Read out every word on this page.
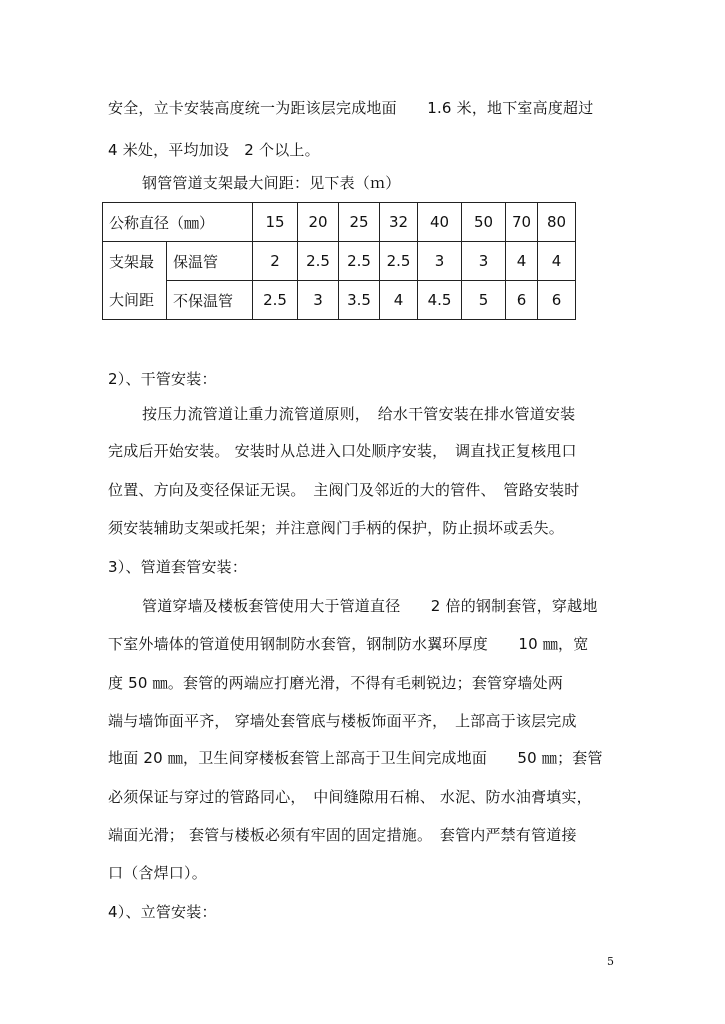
安全，立卡安装高度统一为距该层完成地面　　1.6 米，地下室高度超过
4 米处，平均加设　2 个以上。
钢管管道支架最大间距：见下表（ｍ）
公称直径（㎜）		15	20	25	32	40	50	70	80
支架最	保温管	2	2.5	2.5	2.5	3	3	4	4
大间距	不保温管	2.5	3	3.5	4	4.5	5	6	6
2）、干管安装：
按压力流管道让重力流管道原则，　给水干管安装在排水管道安装
完成后开始安装。 安装时从总进入口处顺序安装，　调直找正复核甩口
位置、方向及变径保证无误。　主阀门及邻近的大的管件、　管路安装时
须安装辅助支架或托架；并注意阀门手柄的保护，防止损坏或丢失。
3）、管道套管安装：
管道穿墙及楼板套管使用大于管道直径　　2 倍的钢制套管，穿越地
下室外墙体的管道使用钢制防水套管，钢制防水翼环厚度　　10 ㎜，宽
度 50 ㎜。套管的两端应打磨光滑，不得有毛刺锐边；套管穿墙处两
端与墙饰面平齐， 穿墙处套管底与楼板饰面平齐，　上部高于该层完成
地面 20 ㎜，卫生间穿楼板套管上部高于卫生间完成地面　　50 ㎜；套管
必须保证与穿过的管路同心，　中间缝隙用石棉、 水泥、防水油膏填实，
端面光滑； 套管与楼板必须有牢固的固定措施。　套管内严禁有管道接
口（含焊口）。
4）、立管安装：
5
